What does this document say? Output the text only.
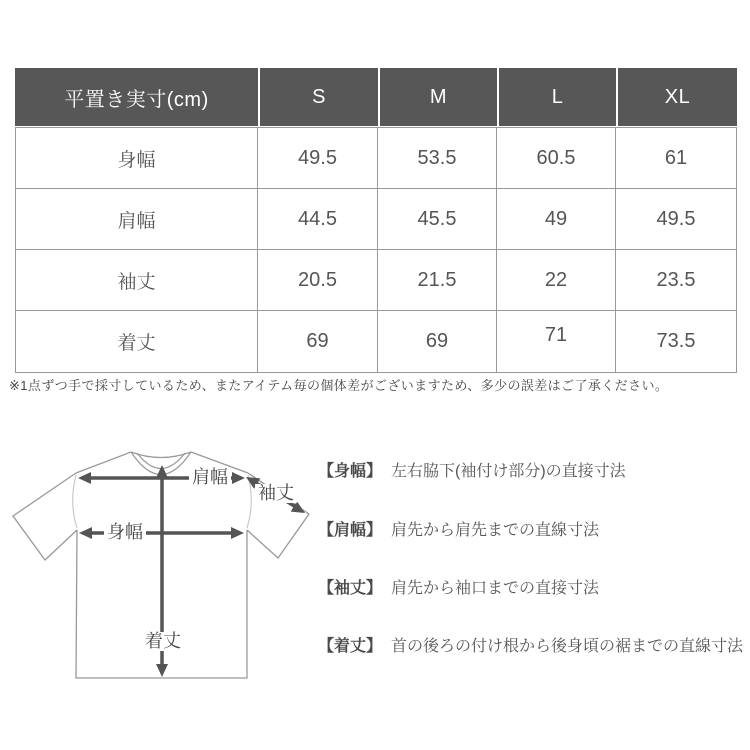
平置き実寸(cm)	S	M	L	XL
身幅	49.5	53.5	60.5	61
肩幅	44.5	45.5	49	49.5
袖丈	20.5	21.5	22	23.5
着丈	69	69	71	73.5
※1点ずつ手で採寸しているため、またアイテム毎の個体差がございますため、多少の誤差はご了承ください。
肩幅
袖丈
身幅
着丈
【身幅】 左右脇下(袖付け部分)の直接寸法
【肩幅】 肩先から肩先までの直線寸法
【袖丈】 肩先から袖口までの直接寸法
【着丈】 首の後ろの付け根から後身頃の裾までの直線寸法
